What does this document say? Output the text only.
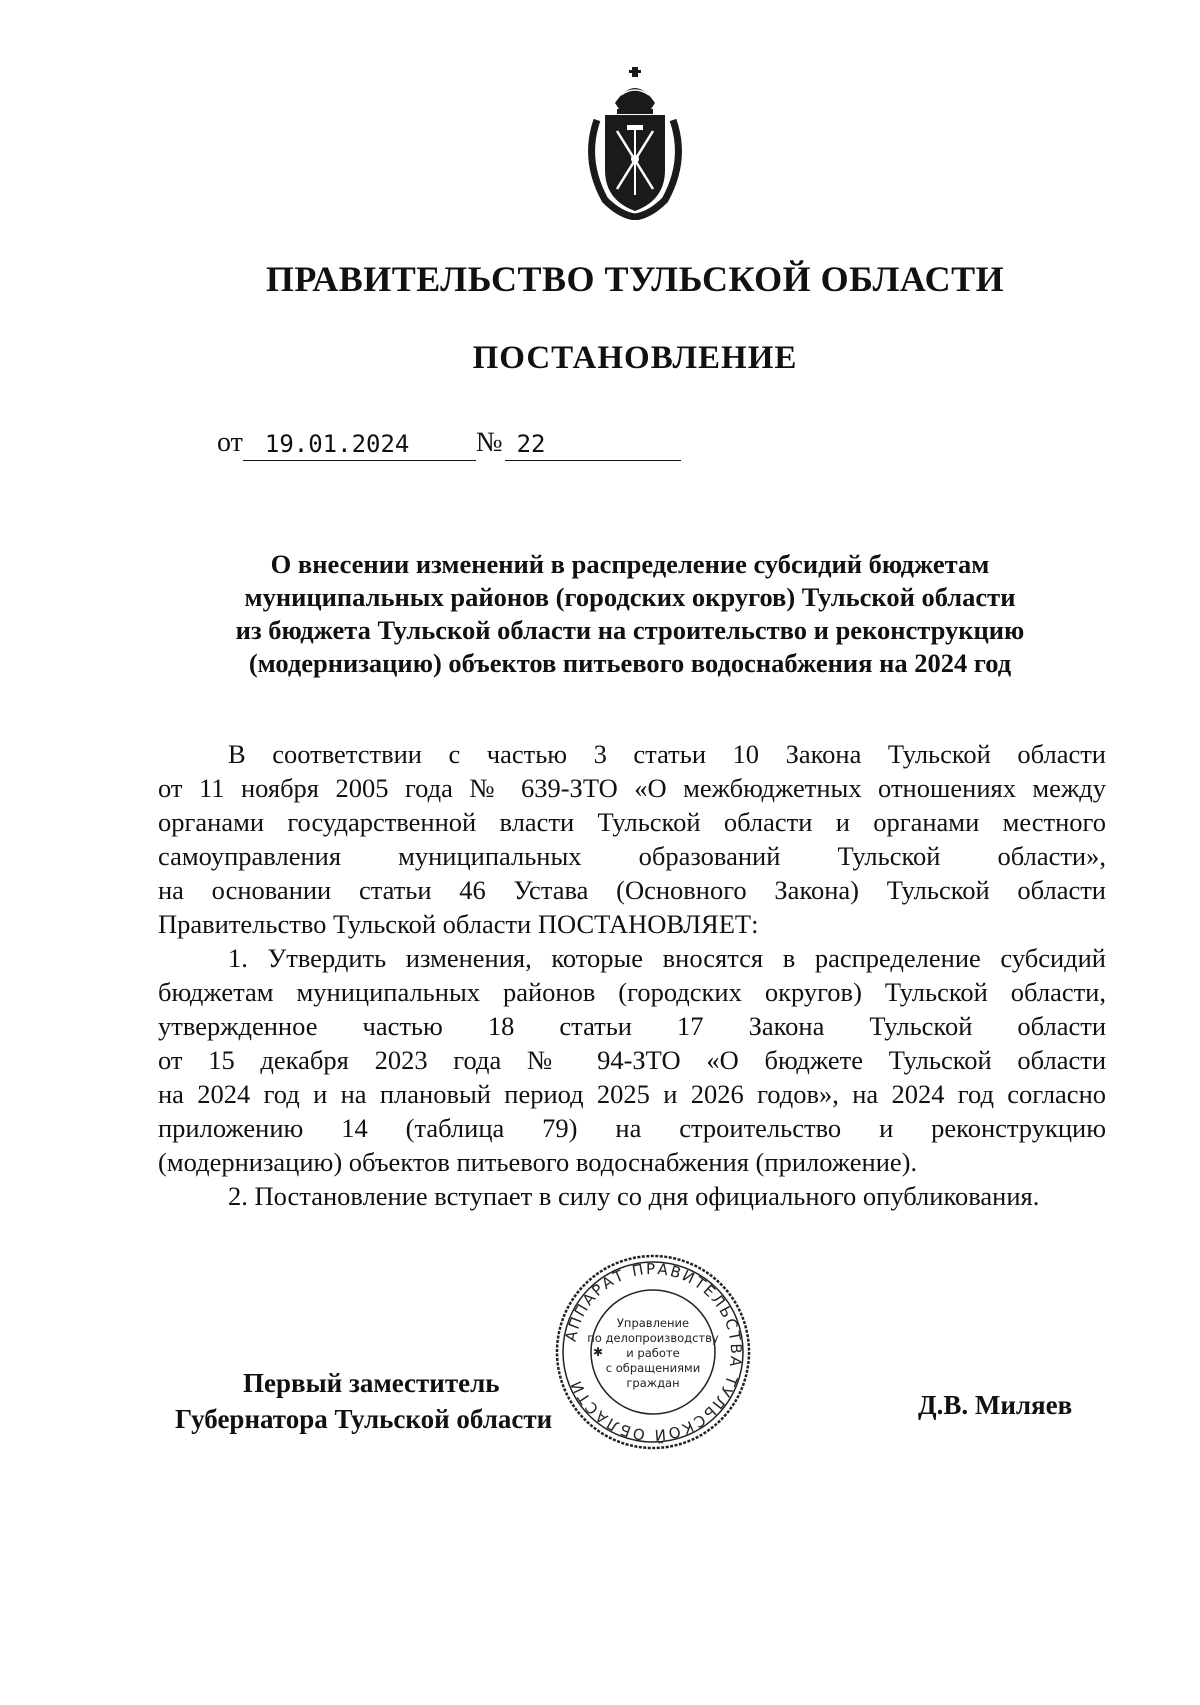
ПРАВИТЕЛЬСТВО ТУЛЬСКОЙ ОБЛАСТИ
ПОСТАНОВЛЕНИЕ
от 19.01.2024	№ 22
О внесении изменений в распределение субсидий бюджетам
муниципальных районов (городских округов) Тульской области
из бюджета Тульской области на строительство и реконструкцию
(модернизацию) объектов питьевого водоснабжения на 2024 год
В соответствии с частью 3 статьи 10 Закона Тульской области
от 11 ноября 2005 года № 639-ЗТО «О межбюджетных отношениях между
органами государственной власти Тульской области и органами местного
самоуправления муниципальных образований Тульской области»,
на основании статьи 46 Устава (Основного Закона) Тульской области
Правительство Тульской области ПОСТАНОВЛЯЕТ:
1. Утвердить изменения, которые вносятся в распределение субсидий
бюджетам муниципальных районов (городских округов) Тульской области,
утвержденное частью 18 статьи 17 Закона Тульской области
от 15 декабря 2023 года № 94-ЗТО «О бюджете Тульской области
на 2024 год и на плановый период 2025 и 2026 годов», на 2024 год согласно
приложению 14 (таблица 79) на строительство и реконструкцию
(модернизацию) объектов питьевого водоснабжения (приложение).
2. Постановление вступает в силу со дня официального опубликования.
АППАРАТ ПРАВИТЕЛЬСТВА ТУЛЬСКОЙ ОБЛАСТИ
✱
Управление
по делопроизводству
и работе
с обращениями
граждан
Первый заместитель
Губернатора Тульской области	Д.В. Миляев
